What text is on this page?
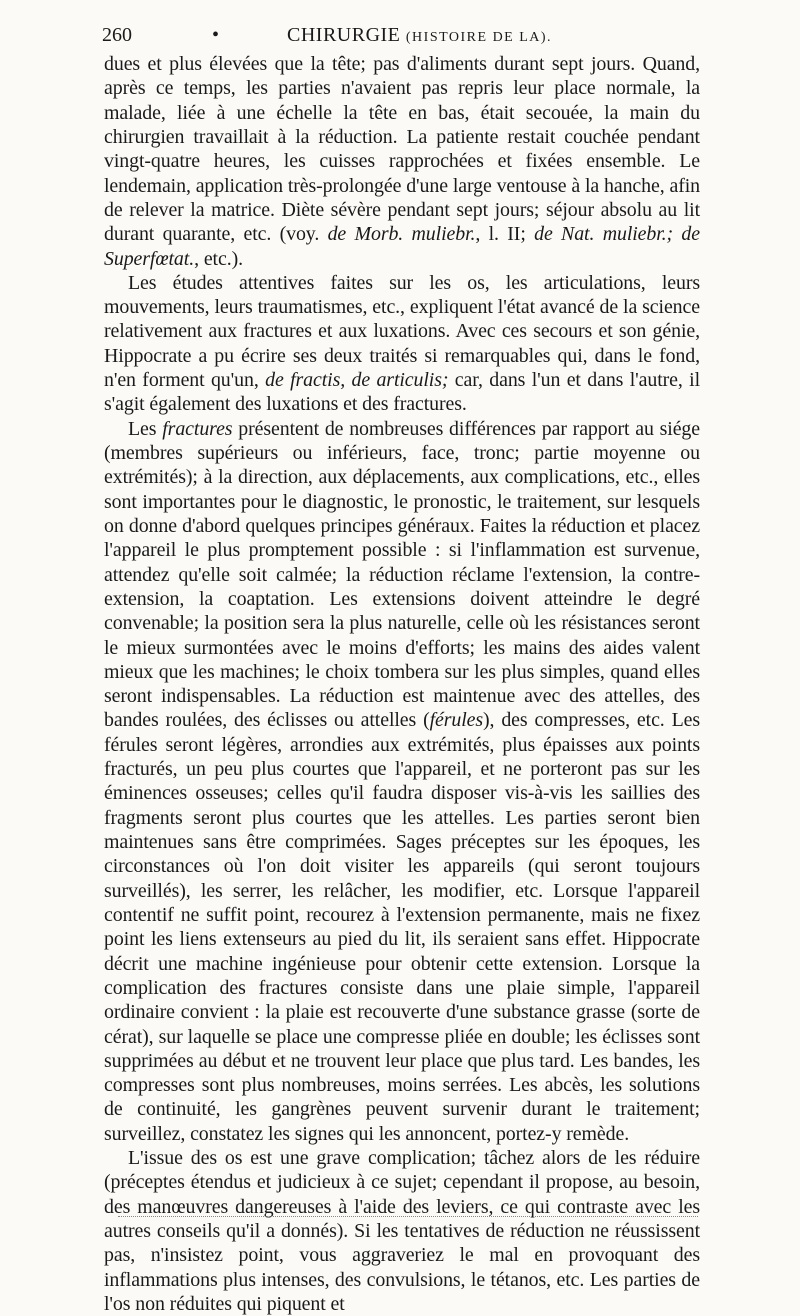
260	•	CHIRURGIE (HISTOIRE DE LA).

dues et plus élevées que la tête; pas d'aliments durant sept jours. Quand, après ce temps, les parties n'avaient pas repris leur place normale, la malade, liée à une échelle la tête en bas, était secouée, la main du chirurgien travaillait à la réduction. La patiente restait couchée pendant vingt-quatre heures, les cuisses rapprochées et fixées ensemble. Le lendemain, application très-prolongée d'une large ventouse à la hanche, afin de relever la matrice. Diète sévère pendant sept jours; séjour absolu au lit durant quarante, etc. (voy. de Morb. muliebr., l. II; de Nat. muliebr.; de Superfœtat., etc.).

Les études attentives faites sur les os, les articulations, leurs mouvements, leurs traumatismes, etc., expliquent l'état avancé de la science relativement aux fractures et aux luxations. Avec ces secours et son génie, Hippocrate a pu écrire ses deux traités si remarquables qui, dans le fond, n'en forment qu'un, de fractis, de articulis; car, dans l'un et dans l'autre, il s'agit également des luxations et des fractures.

Les fractures présentent de nombreuses différences par rapport au siége (membres supérieurs ou inférieurs, face, tronc; partie moyenne ou extrémités); à la direction, aux déplacements, aux complications, etc., elles sont importantes pour le diagnostic, le pronostic, le traitement, sur lesquels on donne d'abord quelques principes généraux. Faites la réduction et placez l'appareil le plus promptement possible : si l'inflammation est survenue, attendez qu'elle soit calmée; la réduction réclame l'extension, la contre-extension, la coaptation. Les extensions doivent atteindre le degré convenable; la position sera la plus naturelle, celle où les résistances seront le mieux surmontées avec le moins d'efforts; les mains des aides valent mieux que les machines; le choix tombera sur les plus simples, quand elles seront indispensables. La réduction est maintenue avec des attelles, des bandes roulées, des éclisses ou attelles (férules), des compresses, etc. Les férules seront légères, arrondies aux extrémités, plus épaisses aux points fracturés, un peu plus courtes que l'appareil, et ne porteront pas sur les éminences osseuses; celles qu'il faudra disposer vis-à-vis les saillies des fragments seront plus courtes que les attelles. Les parties seront bien maintenues sans être comprimées. Sages préceptes sur les époques, les circonstances où l'on doit visiter les appareils (qui seront toujours surveillés), les serrer, les relâcher, les modifier, etc. Lorsque l'appareil contentif ne suffit point, recourez à l'extension permanente, mais ne fixez point les liens extenseurs au pied du lit, ils seraient sans effet. Hippocrate décrit une machine ingénieuse pour obtenir cette extension. Lorsque la complication des fractures consiste dans une plaie simple, l'appareil ordinaire convient : la plaie est recouverte d'une substance grasse (sorte de cérat), sur laquelle se place une compresse pliée en double; les éclisses sont supprimées au début et ne trouvent leur place que plus tard. Les bandes, les compresses sont plus nombreuses, moins serrées. Les abcès, les solutions de continuité, les gangrènes peuvent survenir durant le traitement; surveillez, constatez les signes qui les annoncent, portez-y remède.

L'issue des os est une grave complication; tâchez alors de les réduire (préceptes étendus et judicieux à ce sujet; cependant il propose, au besoin, des manœuvres dangereuses à l'aide des leviers, ce qui contraste avec les autres conseils qu'il a donnés). Si les tentatives de réduction ne réussissent pas, n'insistez point, vous aggraveriez le mal en provoquant des inflammations plus intenses, des convulsions, le tétanos, etc. Les parties de l'os non réduites qui piquent et
